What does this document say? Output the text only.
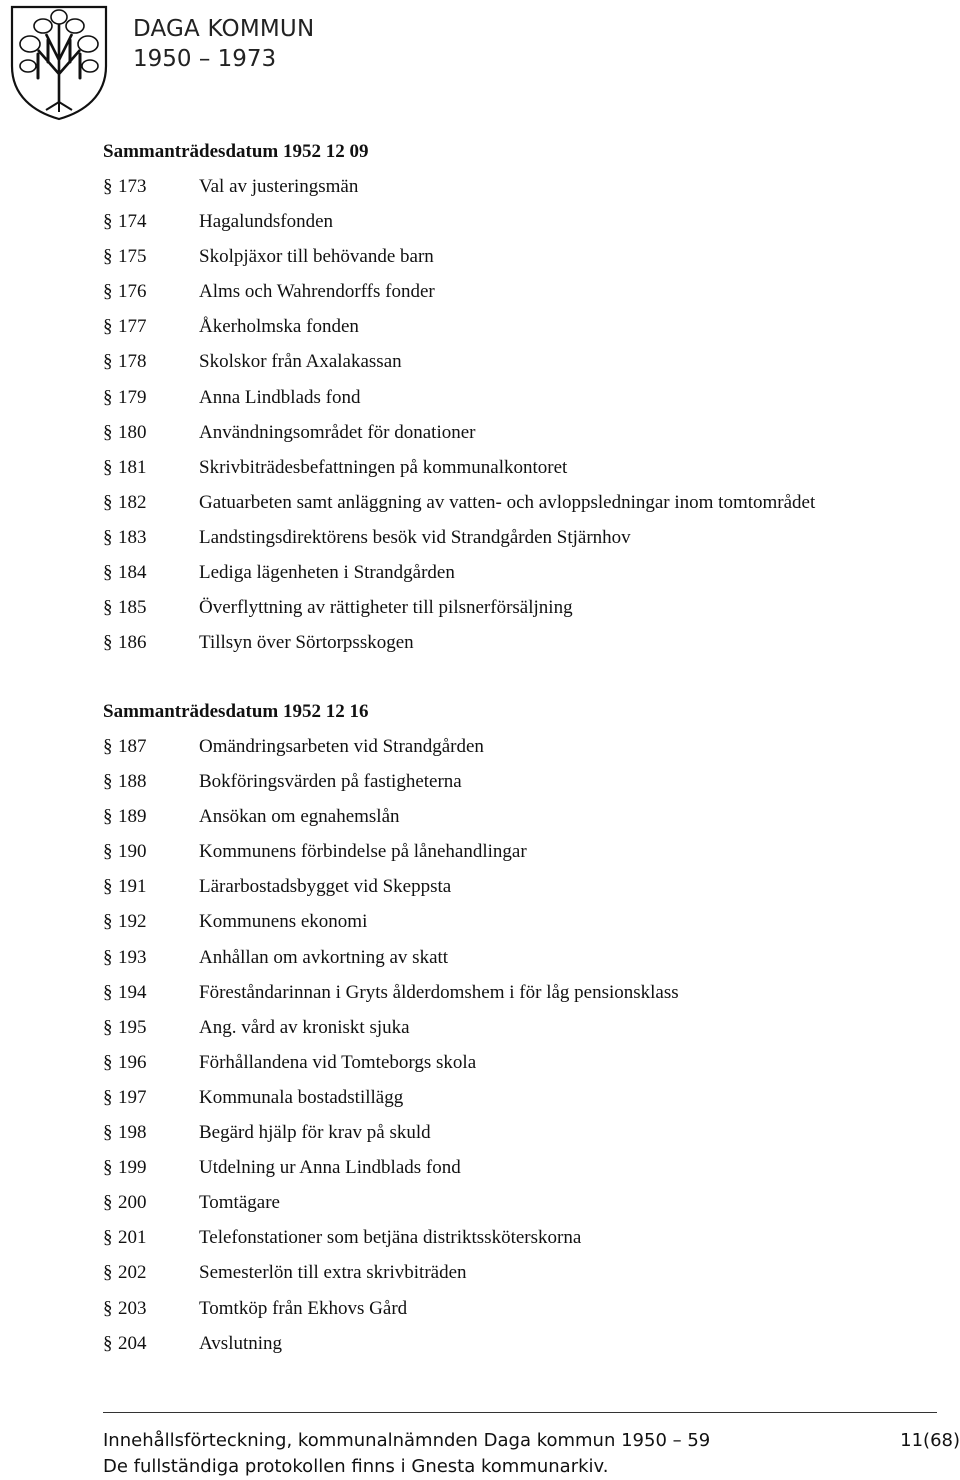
DAGA KOMMUN
1950 – 1973
Sammanträdesdatum 1952 12 09
§ 173	Val av justeringsmän
§ 174	Hagalundsfonden
§ 175	Skolpjäxor till behövande barn
§ 176	Alms och Wahrendorffs fonder
§ 177	Åkerholmska fonden
§ 178	Skolskor från Axalakassan
§ 179	Anna Lindblads fond
§ 180	Användningsområdet för donationer
§ 181	Skrivbiträdesbefattningen på kommunalkontoret
§ 182	Gatuarbeten samt anläggning av vatten- och avloppsledningar inom tomtområdet
§ 183	Landstingsdirektörens besök vid Strandgården Stjärnhov
§ 184	Lediga lägenheten i Strandgården
§ 185	Överflyttning av rättigheter till pilsnerförsäljning
§ 186	Tillsyn över Sörtorpsskogen
Sammanträdesdatum 1952 12 16
§ 187	Omändringsarbeten vid Strandgården
§ 188	Bokföringsvärden på fastigheterna
§ 189	Ansökan om egnahemslån
§ 190	Kommunens förbindelse på lånehandlingar
§ 191	Lärarbostadsbygget vid Skeppsta
§ 192	Kommunens ekonomi
§ 193	Anhållan om avkortning av skatt
§ 194	Föreståndarinnan i Gryts ålderdomshem i för låg pensionsklass
§ 195	Ang. vård av kroniskt sjuka
§ 196	Förhållandena vid Tomteborgs skola
§ 197	Kommunala bostadstillägg
§ 198	Begärd hjälp för krav på skuld
§ 199	Utdelning ur Anna Lindblads fond
§ 200	Tomtägare
§ 201	Telefonstationer som betjäna distriktssköterskorna
§ 202	Semesterlön till extra skrivbiträden
§ 203	Tomtköp från Ekhovs Gård
§ 204	Avslutning
Innehållsförteckning, kommunalnämnden Daga kommun 1950 – 59	11(68)
De fullständiga protokollen finns i Gnesta kommunarkiv.
